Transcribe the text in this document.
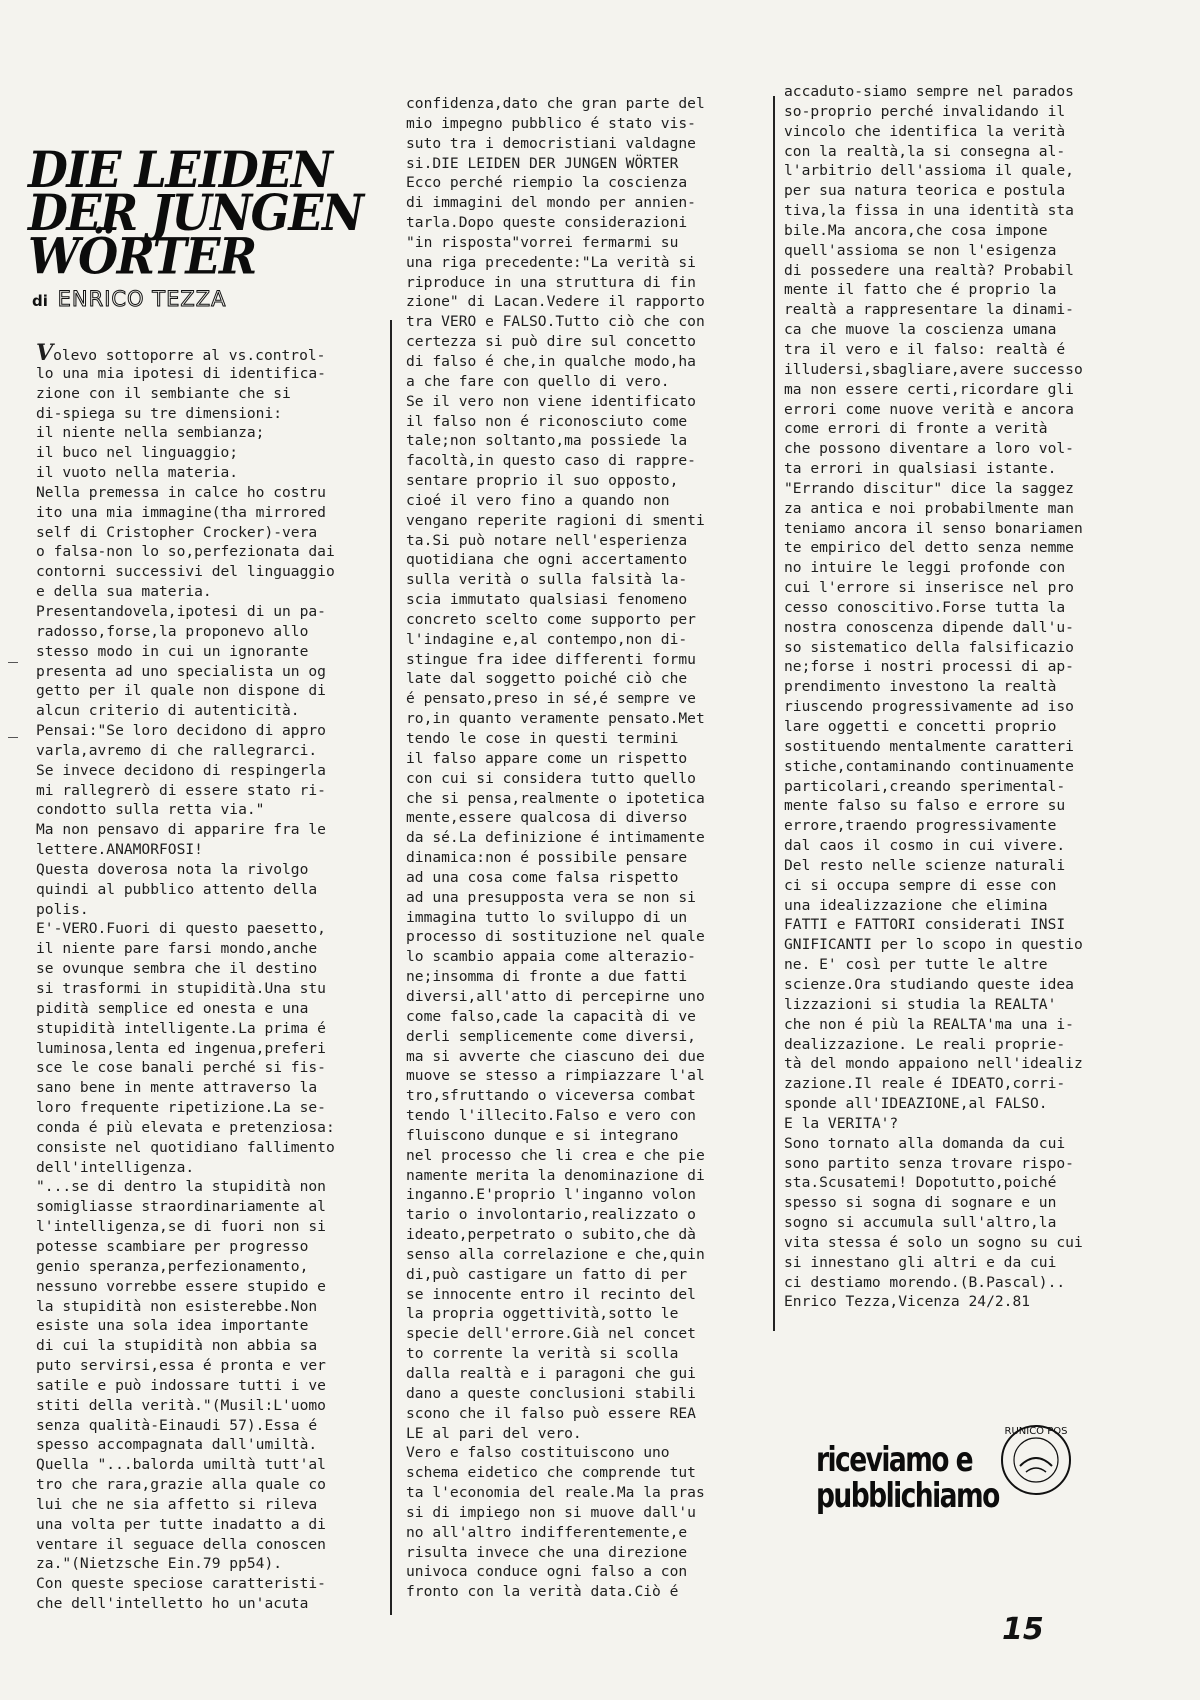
DIE LEIDEN
DER JUNGEN
WÖRTER
di ENRICO TEZZA
Volevo sottoporre al vs.control-
lo una mia ipotesi di identifica-
zione con il sembiante che si
di-spiega su tre dimensioni:
il niente nella sembianza;
il buco nel linguaggio;
il vuoto nella materia.
Nella premessa in calce ho costru
ito una mia immagine(tha mirrored
self di Cristopher Crocker)-vera
o falsa-non lo so,perfezionata dai
contorni successivi del linguaggio
e della sua materia.
Presentandovela,ipotesi di un pa-
radosso,forse,la proponevo allo
stesso modo in cui un ignorante
presenta ad uno specialista un og
getto per il quale non dispone di
alcun criterio di autenticità.
Pensai:"Se loro decidono di appro
varla,avremo di che rallegrarci.
Se invece decidono di respingerla
mi rallegrerò di essere stato ri-
condotto sulla retta via."
Ma non pensavo di apparire fra le
lettere.ANAMORFOSI!
Questa doverosa nota la rivolgo
quindi al pubblico attento della
polis.
E'-VERO.Fuori di questo paesetto,
il niente pare farsi mondo,anche
se ovunque sembra che il destino
si trasformi in stupidità.Una stu
pidità semplice ed onesta e una
stupidità intelligente.La prima é
luminosa,lenta ed ingenua,preferi
sce le cose banali perché si fis-
sano bene in mente attraverso la
loro frequente ripetizione.La se-
conda é più elevata e pretenziosa:
consiste nel quotidiano fallimento
dell'intelligenza.
"...se di dentro la stupidità non
somigliasse straordinariamente al
l'intelligenza,se di fuori non si
potesse scambiare per progresso
genio speranza,perfezionamento,
nessuno vorrebbe essere stupido e
la stupidità non esisterebbe.Non
esiste una sola idea importante
di cui la stupidità non abbia sa
puto servirsi,essa é pronta e ver
satile e può indossare tutti i ve
stiti della verità."(Musil:L'uomo
senza qualità-Einaudi 57).Essa é
spesso accompagnata dall'umiltà.
Quella "...balorda umiltà tutt'al
tro che rara,grazie alla quale co
lui che ne sia affetto si rileva
una volta per tutte inadatto a di
ventare il seguace della conoscen
za."(Nietzsche Ein.79 pp54).
Con queste speciose caratteristi-
che dell'intelletto ho un'acuta
confidenza,dato che gran parte del
mio impegno pubblico é stato vis-
suto tra i democristiani valdagne
si.DIE LEIDEN DER JUNGEN WÖRTER
Ecco perché riempio la coscienza
di immagini del mondo per annien-
tarla.Dopo queste considerazioni
"in risposta"vorrei fermarmi su
una riga precedente:"La verità si
riproduce in una struttura di fin
zione" di Lacan.Vedere il rapporto
tra VERO e FALSO.Tutto ciò che con
certezza si può dire sul concetto
di falso é che,in qualche modo,ha
a che fare con quello di vero.
Se il vero non viene identificato
il falso non é riconosciuto come
tale;non soltanto,ma possiede la
facoltà,in questo caso di rappre-
sentare proprio il suo opposto,
cioé il vero fino a quando non
vengano reperite ragioni di smenti
ta.Si può notare nell'esperienza
quotidiana che ogni accertamento
sulla verità o sulla falsità la-
scia immutato qualsiasi fenomeno
concreto scelto come supporto per
l'indagine e,al contempo,non di-
stingue fra idee differenti formu
late dal soggetto poiché ciò che
é pensato,preso in sé,é sempre ve
ro,in quanto veramente pensato.Met
tendo le cose in questi termini
il falso appare come un rispetto
con cui si considera tutto quello
che si pensa,realmente o ipotetica
mente,essere qualcosa di diverso
da sé.La definizione é intimamente
dinamica:non é possibile pensare
ad una cosa come falsa rispetto
ad una presupposta vera se non si
immagina tutto lo sviluppo di un
processo di sostituzione nel quale
lo scambio appaia come alterazio-
ne;insomma di fronte a due fatti
diversi,all'atto di percepirne uno
come falso,cade la capacità di ve
derli semplicemente come diversi,
ma si avverte che ciascuno dei due
muove se stesso a rimpiazzare l'al
tro,sfruttando o viceversa combat
tendo l'illecito.Falso e vero con
fluiscono dunque e si integrano
nel processo che li crea e che pie
namente merita la denominazione di
inganno.E'proprio l'inganno volon
tario o involontario,realizzato o
ideato,perpetrato o subito,che dà
senso alla correlazione e che,quin
di,può castigare un fatto di per
se innocente entro il recinto del
la propria oggettività,sotto le
specie dell'errore.Già nel concet
to corrente la verità si scolla
dalla realtà e i paragoni che gui
dano a queste conclusioni stabili
scono che il falso può essere REA
LE al pari del vero.
Vero e falso costituiscono uno
schema eidetico che comprende tut
ta l'economia del reale.Ma la pras
si di impiego non si muove dall'u
no all'altro indifferentemente,e
risulta invece che una direzione
univoca conduce ogni falso a con
fronto con la verità data.Ciò é
accaduto-siamo sempre nel parados
so-proprio perché invalidando il
vincolo che identifica la verità
con la realtà,la si consegna al-
l'arbitrio dell'assioma il quale,
per sua natura teorica e postula
tiva,la fissa in una identità sta
bile.Ma ancora,che cosa impone
quell'assioma se non l'esigenza
di possedere una realtà? Probabil
mente il fatto che é proprio la
realtà a rappresentare la dinami-
ca che muove la coscienza umana
tra il vero e il falso: realtà é
illudersi,sbagliare,avere successo
ma non essere certi,ricordare gli
errori come nuove verità e ancora
come errori di fronte a verità
che possono diventare a loro vol-
ta errori in qualsiasi istante.
"Errando discitur" dice la saggez
za antica e noi probabilmente man
teniamo ancora il senso bonariamen
te empirico del detto senza nemme
no intuire le leggi profonde con
cui l'errore si inserisce nel pro
cesso conoscitivo.Forse tutta la
nostra conoscenza dipende dall'u-
so sistematico della falsificazio
ne;forse i nostri processi di ap-
prendimento investono la realtà
riuscendo progressivamente ad iso
lare oggetti e concetti proprio
sostituendo mentalmente caratteri
stiche,contaminando continuamente
particolari,creando sperimental-
mente falso su falso e errore su
errore,traendo progressivamente
dal caos il cosmo in cui vivere.
Del resto nelle scienze naturali
ci si occupa sempre di esse con
una idealizzazione che elimina
FATTI e FATTORI considerati INSI
GNIFICANTI per lo scopo in questio
ne. E' così per tutte le altre
scienze.Ora studiando queste idea
lizzazioni si studia la REALTA'
che non é più la REALTA'ma una i-
dealizzazione. Le reali proprie-
tà del mondo appaiono nell'idealiz
zazione.Il reale é IDEATO,corri-
sponde all'IDEAZIONE,al FALSO.
E la VERITA'?
Sono tornato alla domanda da cui
sono partito senza trovare rispo-
sta.Scusatemi! Dopotutto,poiché
spesso si sogna di sognare e un
sogno si accumula sull'altro,la
vita stessa é solo un sogno su cui
si innestano gli altri e da cui
ci destiamo morendo.(B.Pascal)..
Enrico Tezza,Vicenza 24/2.81
riceviamo e
pubblichiamo
RUNICO POS
15
